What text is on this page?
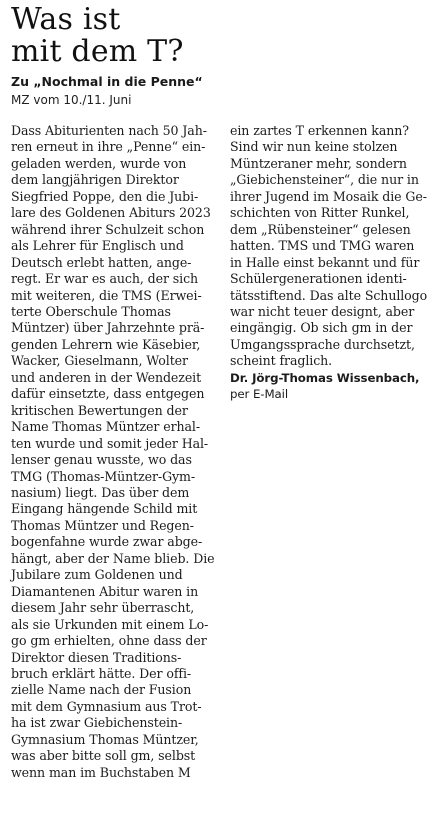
Was ist
mit dem T?
Zu „Nochmal in die Penne“
MZ vom 10./11. Juni
Dass Abiturienten nach 50 Jah-
ren erneut in ihre „Penne“ ein-
geladen werden, wurde von
dem langjährigen Direktor
Siegfried Poppe, den die Jubi-
lare des Goldenen Abiturs 2023
während ihrer Schulzeit schon
als Lehrer für Englisch und
Deutsch erlebt hatten, ange-
regt. Er war es auch, der sich
mit weiteren, die TMS (Erwei-
terte Oberschule Thomas
Müntzer) über Jahrzehnte prä-
genden Lehrern wie Käsebier,
Wacker, Gieselmann, Wolter
und anderen in der Wendezeit
dafür einsetzte, dass entgegen
kritischen Bewertungen der
Name Thomas Müntzer erhal-
ten wurde und somit jeder Hal-
lenser genau wusste, wo das
TMG (Thomas-Müntzer-Gym-
nasium) liegt. Das über dem
Eingang hängende Schild mit
Thomas Müntzer und Regen-
bogenfahne wurde zwar abge-
hängt, aber der Name blieb. Die
Jubilare zum Goldenen und
Diamantenen Abitur waren in
diesem Jahr sehr überrascht,
als sie Urkunden mit einem Lo-
go gm erhielten, ohne dass der
Direktor diesen Traditions-
bruch erklärt hätte. Der offi-
zielle Name nach der Fusion
mit dem Gymnasium aus Trot-
ha ist zwar Giebichenstein-
Gymnasium Thomas Müntzer,
was aber bitte soll gm, selbst
wenn man im Buchstaben M
ein zartes T erkennen kann?
Sind wir nun keine stolzen
Müntzeraner mehr, sondern
„Giebichensteiner“, die nur in
ihrer Jugend im Mosaik die Ge-
schichten von Ritter Runkel,
dem „Rübensteiner“ gelesen
hatten. TMS und TMG waren
in Halle einst bekannt und für
Schülergenerationen identi-
tätsstiftend. Das alte Schullogo
war nicht teuer designt, aber
eingängig. Ob sich gm in der
Umgangssprache durchsetzt,
scheint fraglich.
Dr. Jörg-Thomas Wissenbach,
per E-Mail
